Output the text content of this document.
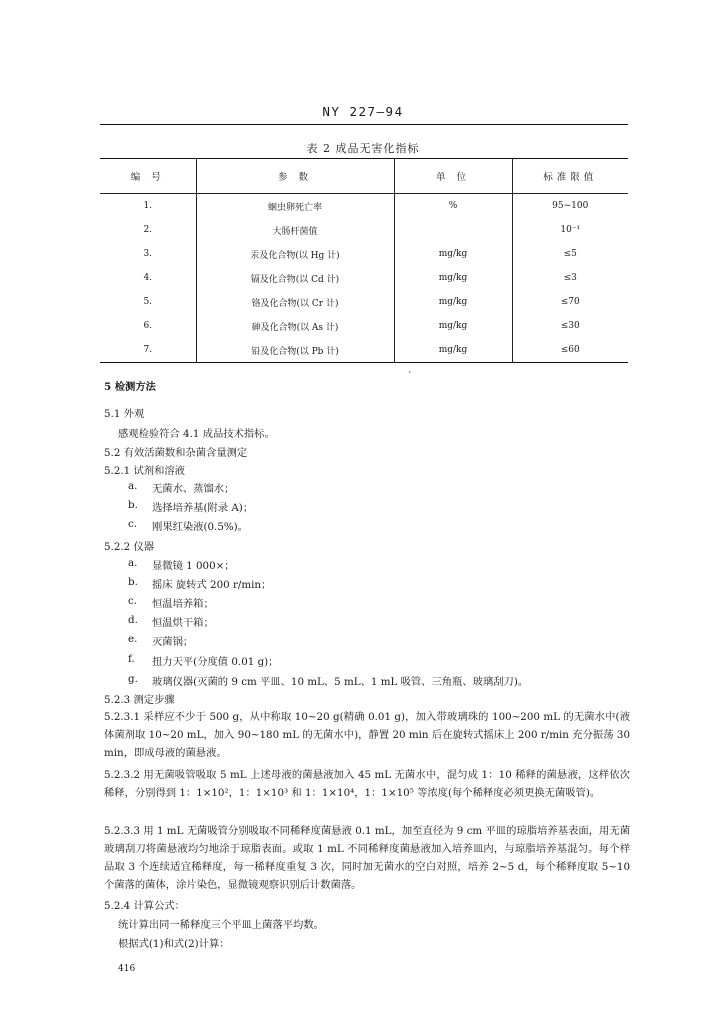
NY 227—94
表 2 成品无害化指标
编 号	参 数	单 位	标准限值
1.	蛔虫卵死亡率	%	95~100
2.	大肠杆菌值		10⁻¹
3.	汞及化合物(以 Hg 计)	mg/kg	≤5
4.	镉及化合物(以 Cd 计)	mg/kg	≤3
5.	铬及化合物(以 Cr 计)	mg/kg	≤70
6.	砷及化合物(以 As 计)	mg/kg	≤30
7.	铅及化合物(以 Pb 计)	mg/kg	≤60
`
5 检测方法
5.1 外观
感观检验符合 4.1 成品技术指标。
5.2 有效活菌数和杂菌含量测定
5.2.1 试剂和溶液
a. 无菌水、蒸馏水；
b. 选择培养基(附录 A)；
c. 刚果红染液(0.5%)。
5.2.2 仪器
a. 显微镜 1 000×；
b. 摇床 旋转式 200 r/min；
c. 恒温培养箱；
d. 恒温烘干箱；
e. 灭菌锅；
f. 扭力天平(分度值 0.01 g)；
g. 玻璃仪器(灭菌的 9 cm 平皿、10 mL、5 mL、1 mL 吸管、三角瓶、玻璃刮刀)。
5.2.3 测定步骤
5.2.3.1 采样应不少于 500 g，从中称取 10~20 g(精确 0.01 g)，加入带玻璃珠的 100~200 mL 的无菌水中(液体菌剂取 10~20 mL，加入 90~180 mL 的无菌水中)，静置 20 min 后在旋转式摇床上 200 r/min 充分振荡 30 min，即成母液的菌悬液。
5.2.3.2 用无菌吸管吸取 5 mL 上述母液的菌悬液加入 45 mL 无菌水中，混匀成 1：10 稀释的菌悬液，这样依次稀释，分别得到 1：1×10²，1：1×10³ 和 1：1×10⁴，1：1×10⁵ 等浓度(每个稀释度必须更换无菌吸管)。
5.2.3.3 用 1 mL 无菌吸管分别吸取不同稀释度菌悬液 0.1 mL，加至直径为 9 cm 平皿的琼脂培养基表面，用无菌玻璃刮刀将菌悬液均匀地涂于琼脂表面。或取 1 mL 不同稀释度菌悬液加入培养皿内，与琼脂培养基混匀。每个样品取 3 个连续适宜稀释度，每一稀释度重复 3 次，同时加无菌水的空白对照，培养 2~5 d，每个稀释度取 5~10 个菌落的菌体，涂片染色，显微镜观察识别后计数菌落。
5.2.4 计算公式：
统计算出同一稀释度三个平皿上菌落平均数。
根据式(1)和式(2)计算：
416
